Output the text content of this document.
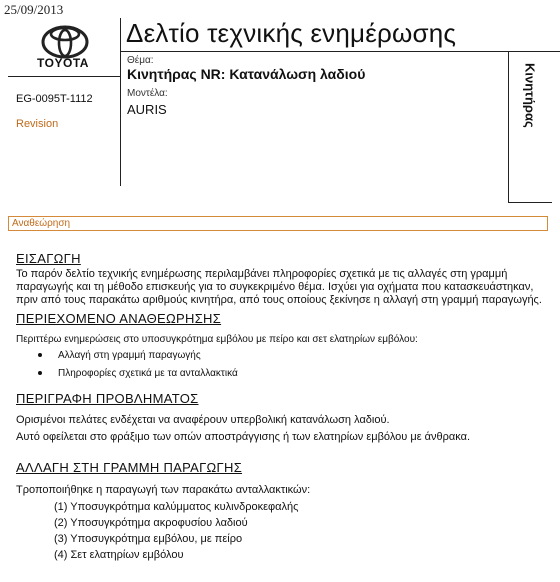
25/09/2013
TOYOTA
EG-0095T-1112
Revision
Δελτίο τεχνικής ενημέρωσης
Θέμα:
Κινητήρας NR: Κατανάλωση λαδιού
Μοντέλα:
AURIS	Κινητήρας
Αναθεώρηση
ΕΙΣΑΓΩΓΗ
Το παρόν δελτίο τεχνικής ενημέρωσης περιλαμβάνει πληροφορίες σχετικά με τις αλλαγές στη γραμμή
παραγωγής και τη μέθοδο επισκευής για το συγκεκριμένο θέμα. Ισχύει για οχήματα που κατασκευάστηκαν,
πριν από τους παρακάτω αριθμούς κινητήρα, από τους οποίους ξεκίνησε η αλλαγή στη γραμμή παραγωγής.
ΠΕΡΙΕΧΟΜΕΝΟ ΑΝΑΘΕΩΡΗΣΗΣ
Περιττέρω ενημερώσεις στο υποσυγκρότημα εμβόλου με πείρο και σετ ελατηρίων εμβόλου:
Αλλαγή στη γραμμή παραγωγής
Πληροφορίες σχετικά με τα ανταλλακτικά
ΠΕΡΙΓΡΑΦΗ ΠΡΟΒΛΗΜΑΤΟΣ
Ορισμένοι πελάτες ενδέχεται να αναφέρουν υπερβολική κατανάλωση λαδιού.
Αυτό οφείλεται στο φράξιμο των οπών αποστράγγισης ή των ελατηρίων εμβόλου με άνθρακα.
ΑΛΛΑΓΗ ΣΤΗ ΓΡΑΜΜΗ ΠΑΡΑΓΩΓΗΣ
Τροποποιήθηκε η παραγωγή των παρακάτω ανταλλακτικών:
(1) Υποσυγκρότημα καλύμματος κυλινδροκεφαλής
(2) Υποσυγκρότημα ακροφυσίου λαδιού
(3) Υποσυγκρότημα εμβόλου, με πείρο
(4) Σετ ελατηρίων εμβόλου
